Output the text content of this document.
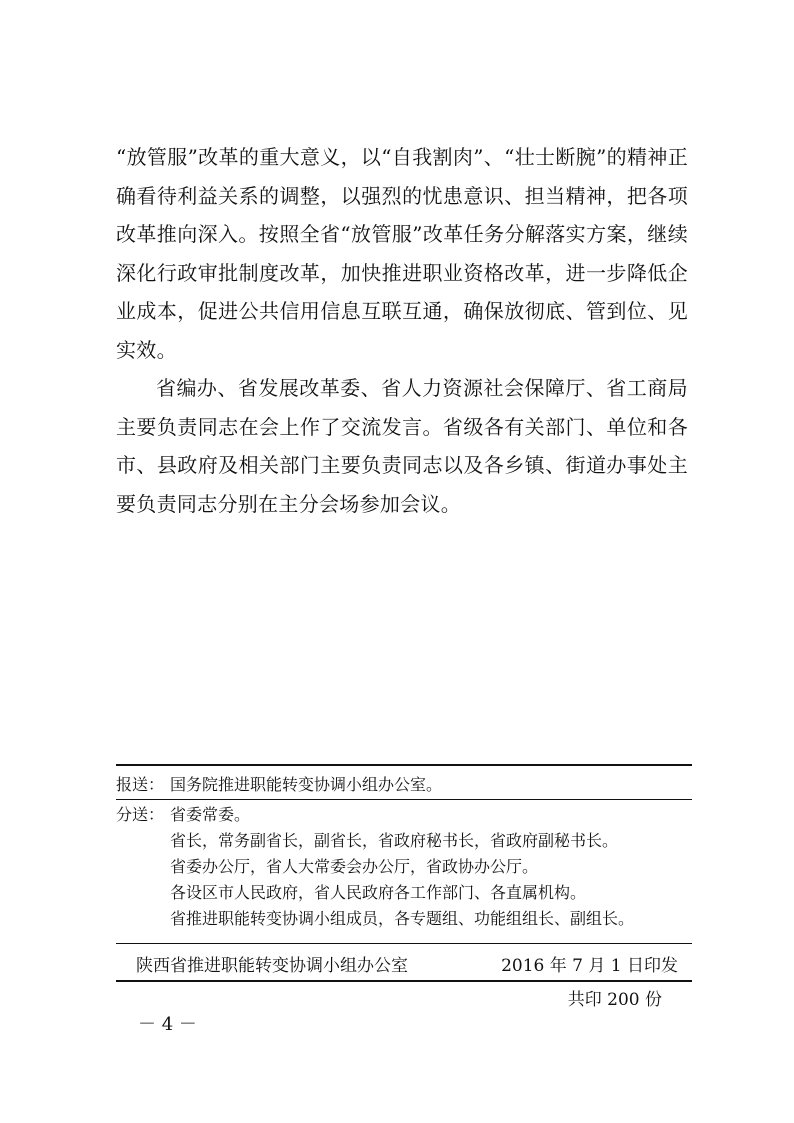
“放管服”改革的重大意义，以“自我割肉”、“壮士断腕”的精神正确看待利益关系的调整，以强烈的忧患意识、担当精神，把各项改革推向深入。按照全省“放管服”改革任务分解落实方案，继续深化行政审批制度改革，加快推进职业资格改革，进一步降低企业成本，促进公共信用信息互联互通，确保放彻底、管到位、见实效。

省编办、省发展改革委、省人力资源社会保障厅、省工商局主要负责同志在会上作了交流发言。省级各有关部门、单位和各市、县政府及相关部门主要负责同志以及各乡镇、街道办事处主要负责同志分别在主分会场参加会议。

报送： 国务院推进职能转变协调小组办公室。
分送： 省委常委。
省长，常务副省长，副省长，省政府秘书长，省政府副秘书长。
省委办公厅，省人大常委会办公厅，省政协办公厅。
各设区市人民政府，省人民政府各工作部门、各直属机构。
省推进职能转变协调小组成员，各专题组、功能组组长、副组长。
陕西省推进职能转变协调小组办公室	2016 年 7 月 1 日印发
共印 200 份
－ 4 －
